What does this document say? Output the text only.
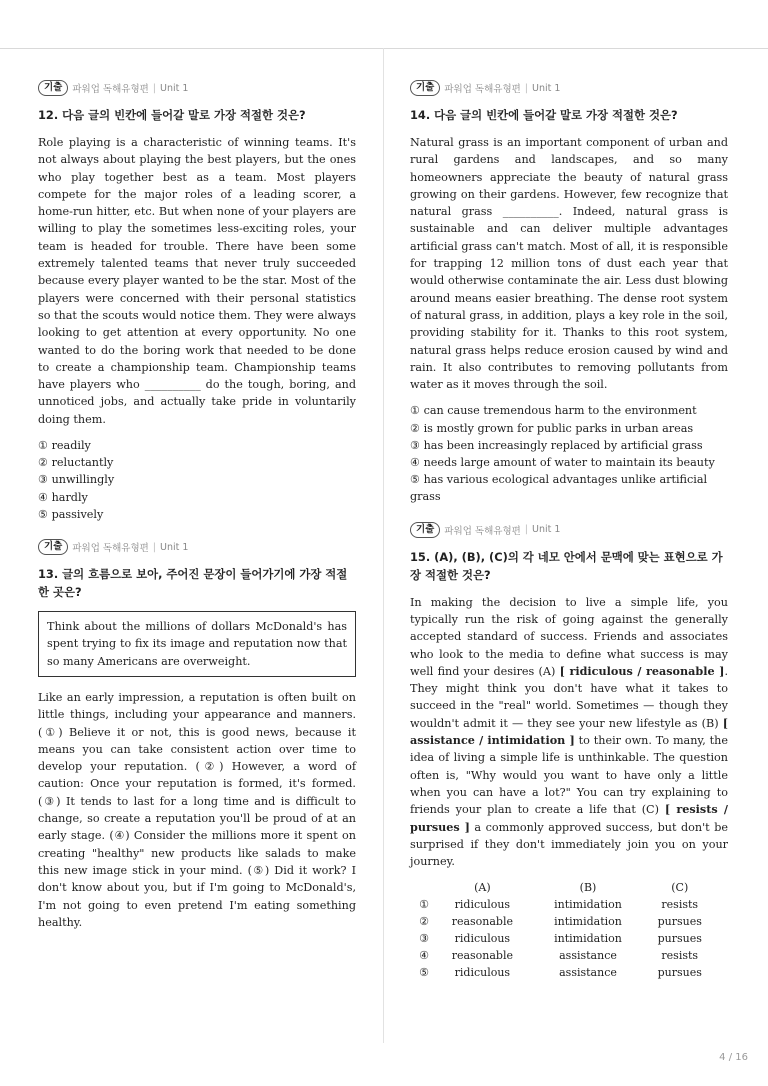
기출	파워업 독해유형편 | Unit 1

12. 다음 글의 빈칸에 들어갈 말로 가장 적절한 것은?

Role playing is a characteristic of winning teams. It's not always about playing the best players, but the ones who play together best as a team. Most players compete for the major roles of a leading scorer, a home-run hitter, etc. But when none of your players are willing to play the sometimes less-exciting roles, your team is headed for trouble. There have been some extremely talented teams that never truly succeeded because every player wanted to be the star. Most of the players were concerned with their personal statistics so that the scouts would notice them. They were always looking to get attention at every opportunity. No one wanted to do the boring work that needed to be done to create a championship team. Championship teams have players who __________ do the tough, boring, and unnoticed jobs, and actually take pride in voluntarily doing them.

① readily
② reluctantly
③ unwillingly
④ hardly
⑤ passively
기출	파워업 독해유형편 | Unit 1

13. 글의 흐름으로 보아, 주어진 문장이 들어가기에 가장 적절한 곳은?

Think about the millions of dollars McDonald's has spent trying to fix its image and reputation now that so many Americans are overweight.

Like an early impression, a reputation is often built on little things, including your appearance and manners. (①) Believe it or not, this is good news, because it means you can take consistent action over time to develop your reputation. (②) However, a word of caution: Once your reputation is formed, it's formed. (③) It tends to last for a long time and is difficult to change, so create a reputation you'll be proud of at an early stage. (④) Consider the millions more it spent on creating "healthy" new products like salads to make this new image stick in your mind. (⑤) Did it work? I don't know about you, but if I'm going to McDonald's, I'm not going to even pretend I'm eating something healthy.

기출	파워업 독해유형편 | Unit 1

14. 다음 글의 빈칸에 들어갈 말로 가장 적절한 것은?

Natural grass is an important component of urban and rural gardens and landscapes, and so many homeowners appreciate the beauty of natural grass growing on their gardens. However, few recognize that natural grass __________. Indeed, natural grass is sustainable and can deliver multiple advantages artificial grass can't match. Most of all, it is responsible for trapping 12 million tons of dust each year that would otherwise contaminate the air. Less dust blowing around means easier breathing. The dense root system of natural grass, in addition, plays a key role in the soil, providing stability for it. Thanks to this root system, natural grass helps reduce erosion caused by wind and rain. It also contributes to removing pollutants from water as it moves through the soil.

① can cause tremendous harm to the environment
② is mostly grown for public parks in urban areas
③ has been increasingly replaced by artificial grass
④ needs large amount of water to maintain its beauty
⑤ has various ecological advantages unlike artificial grass
기출	파워업 독해유형편 | Unit 1

15. (A), (B), (C)의 각 네모 안에서 문맥에 맞는 표현으로 가장 적절한 것은?

In making the decision to live a simple life, you typically run the risk of going against the generally accepted standard of success. Friends and associates who look to the media to define what success is may well find your desires (A) [ ridiculous / reasonable ]. They might think you don't have what it takes to succeed in the "real" world. Sometimes — though they wouldn't admit it — they see your new lifestyle as (B) [ assistance / intimidation ] to their own. To many, the idea of living a simple life is unthinkable. The question often is, "Why would you want to have only a little when you can have a lot?" You can try explaining to friends your plan to create a life that (C) [ resists / pursues ] a commonly approved success, but don't be surprised if they don't immediately join you on your journey.

	(A)	(B)	(C)
①	ridiculous	intimidation	resists
②	reasonable	intimidation	pursues
③	ridiculous	intimidation	pursues
④	reasonable	assistance	resists
⑤	ridiculous	assistance	pursues
4 / 16
